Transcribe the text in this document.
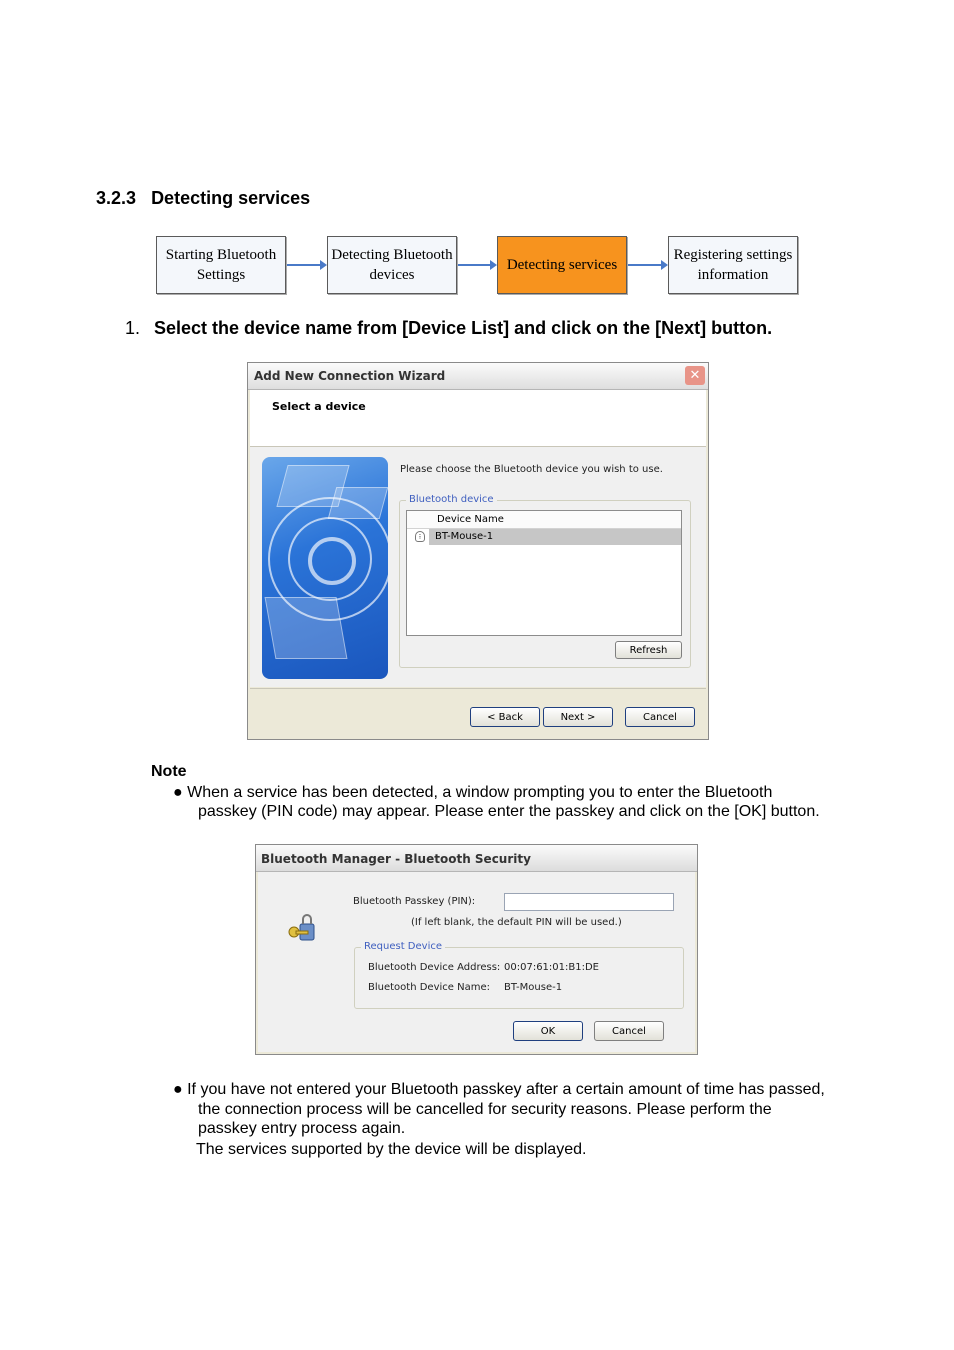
3.2.3 Detecting services
Starting Bluetooth Settings
Detecting Bluetooth devices
Detecting services
Registering settings information
1. Select the device name from [Device List] and click on the [Next] button.
Add New Connection Wizard	✕
Select a device
Please choose the Bluetooth device you wish to use.
Bluetooth device
Device Name
⁝	BT-Mouse-1
Refresh
< Back	Next >	Cancel
Note
● When a service has been detected, a window prompting you to enter the Bluetooth
passkey (PIN code) may appear. Please enter the passkey and click on the [OK] button.
Bluetooth Manager - Bluetooth Security
Bluetooth Passkey (PIN):
(If left blank, the default PIN will be used.)
Request Device
Bluetooth Device Address: 00:07:61:01:B1:DE
Bluetooth Device Name: BT-Mouse-1
OK	Cancel
● If you have not entered your Bluetooth passkey after a certain amount of time has passed,
the connection process will be cancelled for security reasons. Please perform the
passkey entry process again.
The services supported by the device will be displayed.
